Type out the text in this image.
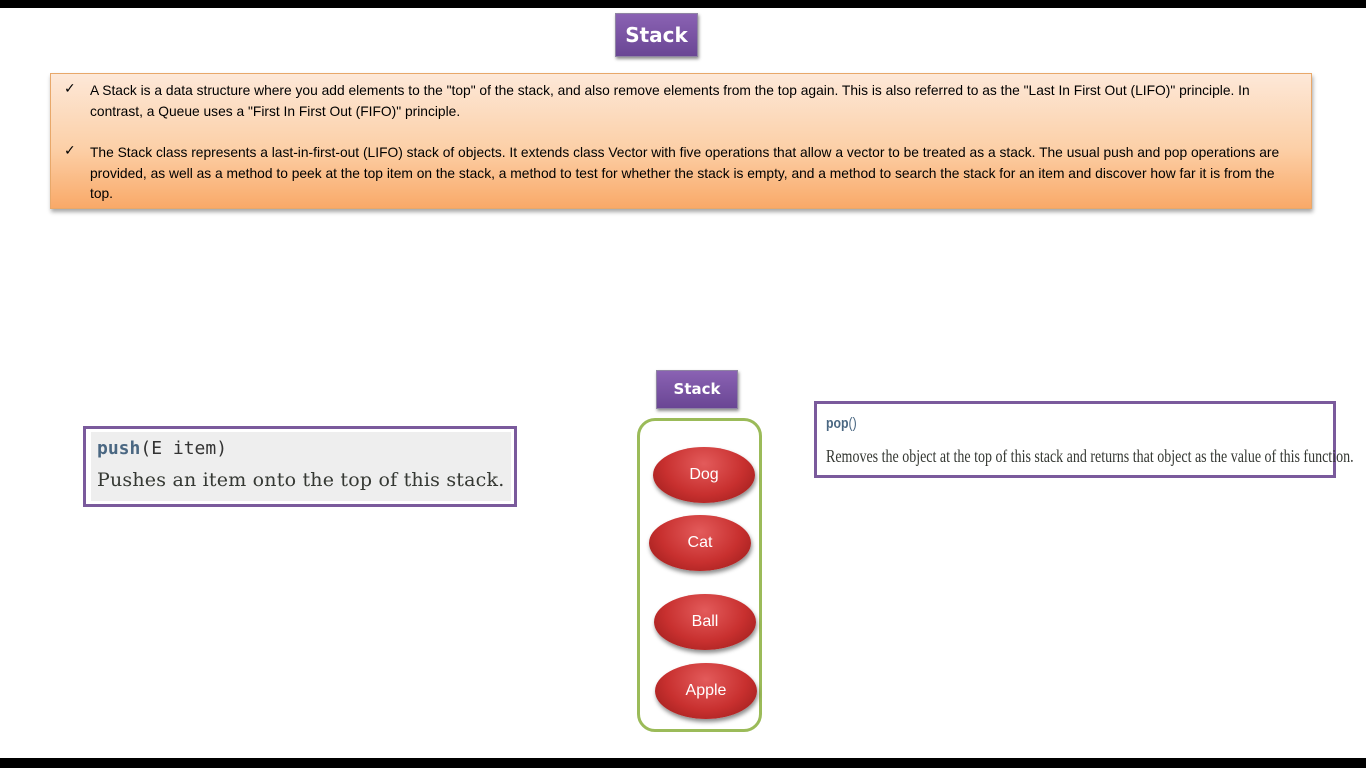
Stack
✓ A Stack is a data structure where you add elements to the "top" of the stack, and also remove elements from the top again. This is also referred to as the "Last In First Out (LIFO)" principle. In contrast, a Queue uses a "First In First Out (FIFO)" principle.
✓ The Stack class represents a last-in-first-out (LIFO) stack of objects. It extends class Vector with five operations that allow a vector to be treated as a stack. The usual push and pop operations are provided, as well as a method to peek at the top item on the stack, a method to test for whether the stack is empty, and a method to search the stack for an item and discover how far it is from the top.
push(E item)
Pushes an item onto the top of this stack.
Stack
Dog
Cat
Ball
Apple
pop()
Removes the object at the top of this stack and returns that object as the value of this function.
